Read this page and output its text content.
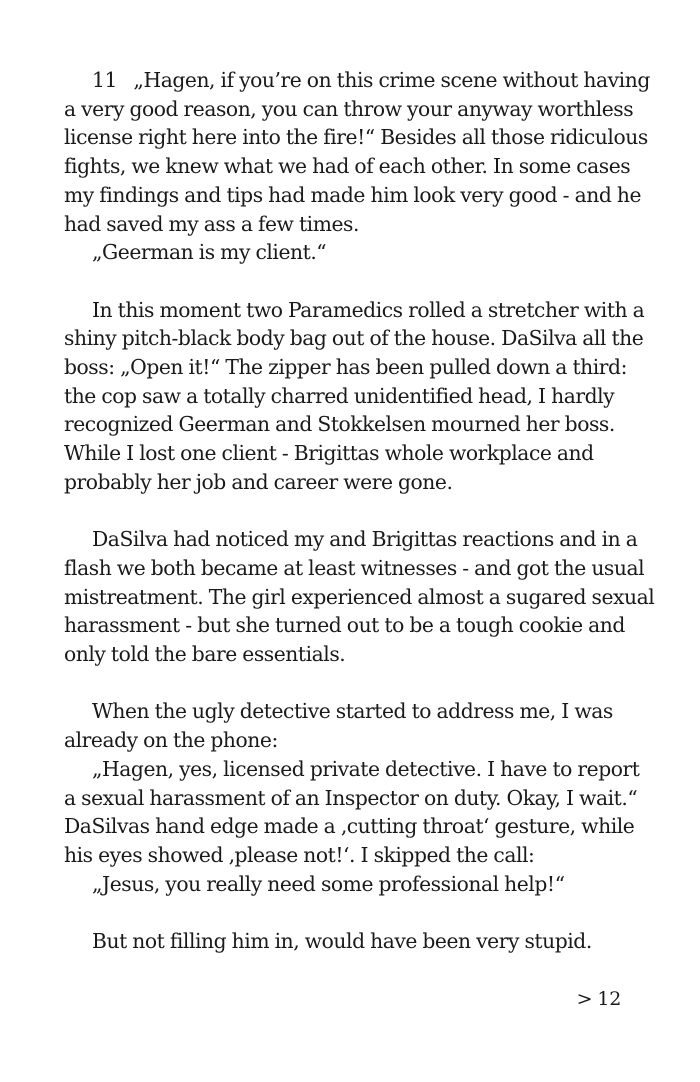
11 „Hagen, if you’re on this crime scene without having
a very good reason, you can throw your anyway worthless
license right here into the fire!“ Besides all those ridiculous
fights, we knew what we had of each other. In some cases
my findings and tips had made him look very good - and he
had saved my ass a few times.

„Geerman is my client.“

In this moment two Paramedics rolled a stretcher with a
shiny pitch-black body bag out of the house. DaSilva all the
boss: „Open it!“ The zipper has been pulled down a third:
the cop saw a totally charred unidentified head, I hardly
recognized Geerman and Stokkelsen mourned her boss.
While I lost one client - Brigittas whole workplace and
probably her job and career were gone.

DaSilva had noticed my and Brigittas reactions and in a
flash we both became at least witnesses - and got the usual
mistreatment. The girl experienced almost a sugared sexual
harassment - but she turned out to be a tough cookie and
only told the bare essentials.

When the ugly detective started to address me, I was
already on the phone:

„Hagen, yes, licensed private detective. I have to report
a sexual harassment of an Inspector on duty. Okay, I wait.“
DaSilvas hand edge made a ‚cutting throat‘ gesture, while
his eyes showed ‚please not!‘. I skipped the call:

„Jesus, you really need some professional help!“

But not filling him in, would have been very stupid.

> 12
